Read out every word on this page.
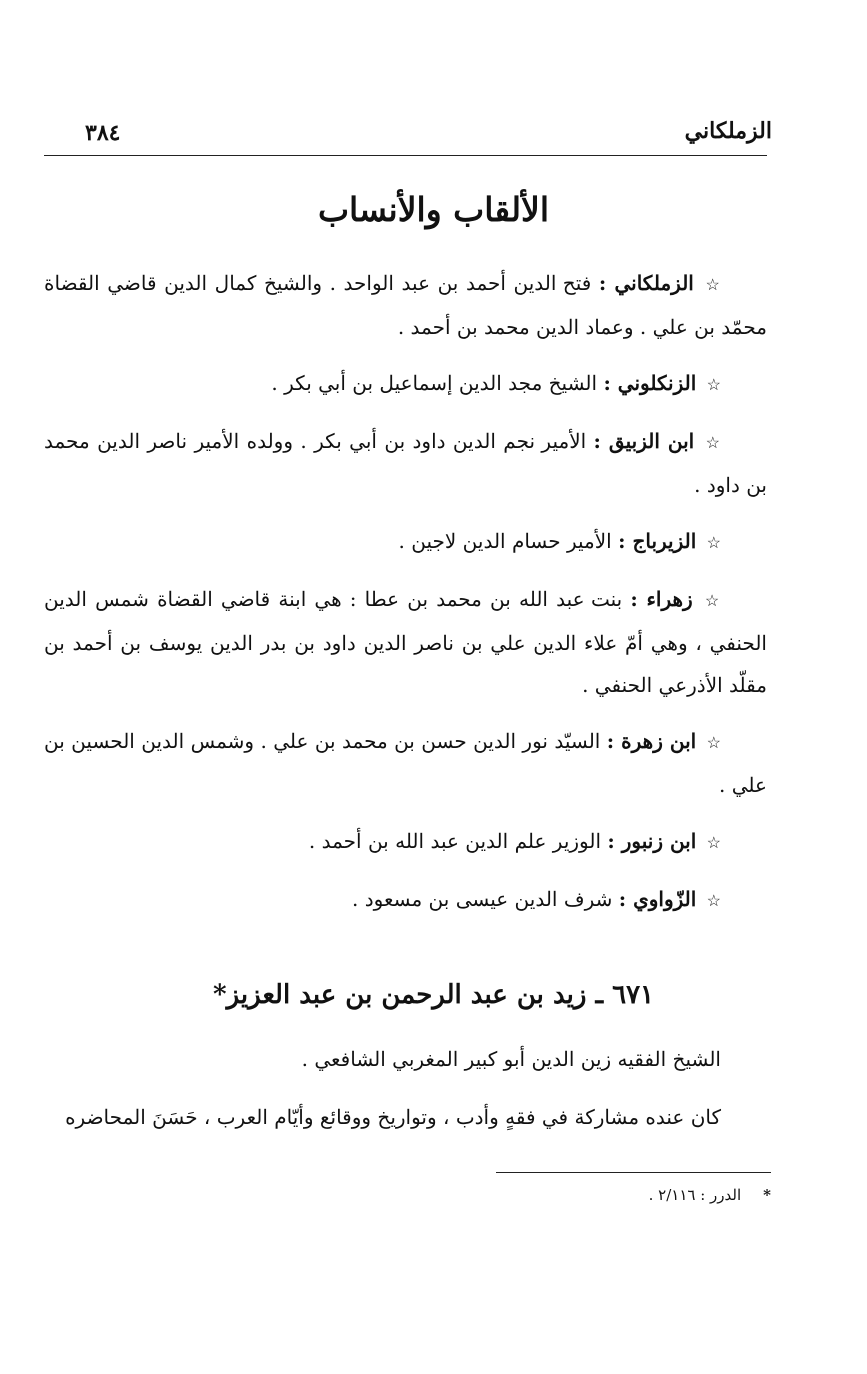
الزملكاني
٣٨٤
الألقاب والأنساب

☆ الزملكاني : فتح الدين أحمد بن عبد الواحد . والشيخ كمال الدين قاضي القضاة محمّد بن علي . وعماد الدين محمد بن أحمد .

☆ الزنكلوني : الشيخ مجد الدين إسماعيل بن أبي بكر .

☆ ابن الزبيق : الأمير نجم الدين داود بن أبي بكر . وولده الأمير ناصر الدين محمد بن داود .

☆ الزيرباج : الأمير حسام الدين لاجين .

☆ زهراء : بنت عبد الله بن محمد بن عطا : هي ابنة قاضي القضاة شمس الدين الحنفي ، وهي أمّ علاء الدين علي بن ناصر الدين داود بن بدر الدين يوسف بن أحمد بن مقلّد الأذرعي الحنفي .

☆ ابن زهرة : السيّد نور الدين حسن بن محمد بن علي . وشمس الدين الحسين بن علي .

☆ ابن زنبور : الوزير علم الدين عبد الله بن أحمد .

☆ الزّواوي : شرف الدين عيسى بن مسعود .

٦٧١ ـ زيد بن عبد الرحمن بن عبد العزيز*

الشيخ الفقيه زين الدين أبو كبير المغربي الشافعي .

كان عنده مشاركة في فقهٍ وأدب ، وتواريخ ووقائع وأيّام العرب ، حَسَنَ المحاضره

*الدرر : ٢/١١٦ .
